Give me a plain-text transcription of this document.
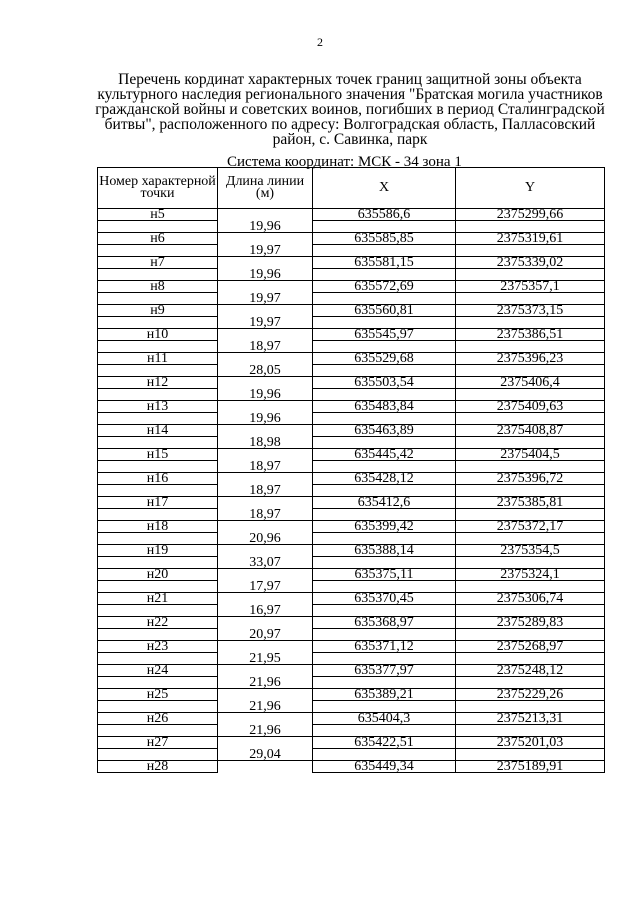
2
Перечень кординат характерных точек границ защитной зоны объекта
культурного наследия регионального значения "Братская могила участников
гражданской войны и советских воинов, погибших в период Сталинградской
битвы", расположенного по адресу: Волгоградская область, Палласовский
район, с. Савинка, парк
Система координат: МСК - 34 зона 1
Номер характерной точки	Длина линии (м)	X	Y
н5		635586,6	2375299,66
	19,96		
н6		635585,85	2375319,61
	19,97		
н7		635581,15	2375339,02
	19,96		
н8		635572,69	2375357,1
	19,97		
н9		635560,81	2375373,15
	19,97		
н10		635545,97	2375386,51
	18,97		
н11		635529,68	2375396,23
	28,05		
н12		635503,54	2375406,4
	19,96		
н13		635483,84	2375409,63
	19,96		
н14		635463,89	2375408,87
	18,98		
н15		635445,42	2375404,5
	18,97		
н16		635428,12	2375396,72
	18,97		
н17		635412,6	2375385,81
	18,97		
н18		635399,42	2375372,17
	20,96		
н19		635388,14	2375354,5
	33,07		
н20		635375,11	2375324,1
	17,97		
н21		635370,45	2375306,74
	16,97		
н22		635368,97	2375289,83
	20,97		
н23		635371,12	2375268,97
	21,95		
н24		635377,97	2375248,12
	21,96		
н25		635389,21	2375229,26
	21,96		
н26		635404,3	2375213,31
	21,96		
н27		635422,51	2375201,03
	29,04		
н28		635449,34	2375189,91
